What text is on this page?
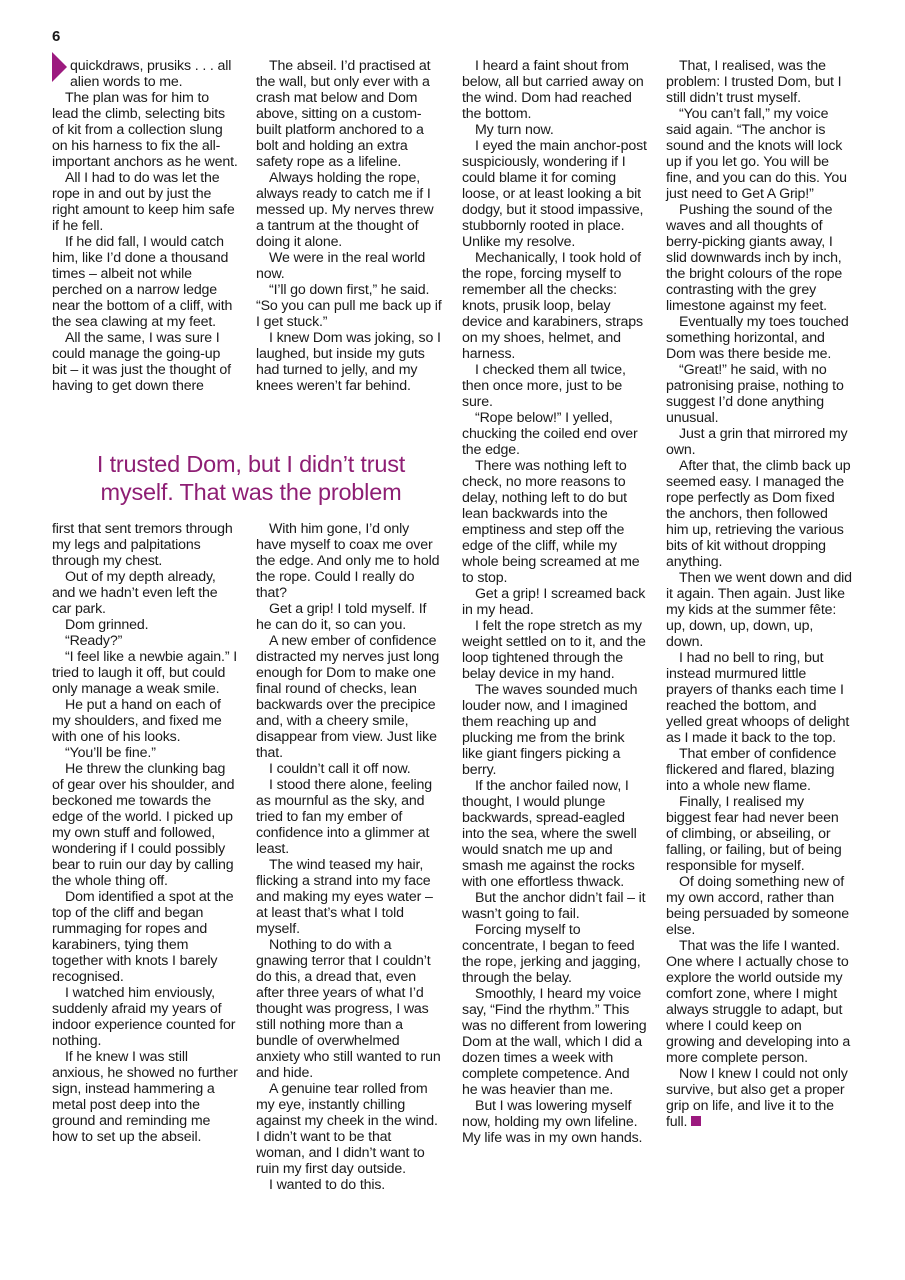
6

quickdraws, prusiks . . . all alien words to me.

The plan was for him to lead the climb, selecting bits of kit from a collection slung on his harness to fix the all-important anchors as he went.

All I had to do was let the rope in and out by just the right amount to keep him safe if he fell.

If he did fall, I would catch him, like I’d done a thousand times – albeit not while perched on a narrow ledge near the bottom of a cliff, with the sea clawing at my feet.

All the same, I was sure I could manage the going-up bit – it was just the thought of having to get down there

The abseil. I’d practised at the wall, but only ever with a crash mat below and Dom above, sitting on a custom-built platform anchored to a bolt and holding an extra safety rope as a lifeline.

Always holding the rope, always ready to catch me if I messed up. My nerves threw a tantrum at the thought of doing it alone.

We were in the real world now.

“I’ll go down first,” he said. “So you can pull me back up if I get stuck.”

I knew Dom was joking, so I laughed, but inside my guts had turned to jelly, and my knees weren’t far behind.

I trusted Dom, but I didn’t trust
myself. That was the problem

first that sent tremors through my legs and palpitations through my chest.

Out of my depth already, and we hadn’t even left the car park.

Dom grinned.

“Ready?”

“I feel like a newbie again.” I tried to laugh it off, but could only manage a weak smile.

He put a hand on each of my shoulders, and fixed me with one of his looks.

“You’ll be fine.”

He threw the clunking bag of gear over his shoulder, and beckoned me towards the edge of the world. I picked up my own stuff and followed, wondering if I could possibly bear to ruin our day by calling the whole thing off.

Dom identified a spot at the top of the cliff and began rummaging for ropes and karabiners, tying them together with knots I barely recognised.

I watched him enviously, suddenly afraid my years of indoor experience counted for nothing.

If he knew I was still anxious, he showed no further sign, instead hammering a metal post deep into the ground and reminding me how to set up the abseil.

With him gone, I’d only have myself to coax me over the edge. And only me to hold the rope. Could I really do that?

Get a grip! I told myself. If he can do it, so can you.

A new ember of confidence distracted my nerves just long enough for Dom to make one final round of checks, lean backwards over the precipice and, with a cheery smile, disappear from view. Just like that.

I couldn’t call it off now.

I stood there alone, feeling as mournful as the sky, and tried to fan my ember of confidence into a glimmer at least.

The wind teased my hair, flicking a strand into my face and making my eyes water – at least that’s what I told myself.

Nothing to do with a gnawing terror that I couldn’t do this, a dread that, even after three years of what I’d thought was progress, I was still nothing more than a bundle of overwhelmed anxiety who still wanted to run and hide.

A genuine tear rolled from my eye, instantly chilling against my cheek in the wind. I didn’t want to be that woman, and I didn’t want to ruin my first day outside.

I wanted to do this.

I heard a faint shout from below, all but carried away on the wind. Dom had reached the bottom.

My turn now.

I eyed the main anchor-post suspiciously, wondering if I could blame it for coming loose, or at least looking a bit dodgy, but it stood impassive, stubbornly rooted in place. Unlike my resolve.

Mechanically, I took hold of the rope, forcing myself to remember all the checks: knots, prusik loop, belay device and karabiners, straps on my shoes, helmet, and harness.

I checked them all twice, then once more, just to be sure.

“Rope below!” I yelled, chucking the coiled end over the edge.

There was nothing left to check, no more reasons to delay, nothing left to do but lean backwards into the emptiness and step off the edge of the cliff, while my whole being screamed at me to stop.

Get a grip! I screamed back in my head.

I felt the rope stretch as my weight settled on to it, and the loop tightened through the belay device in my hand.

The waves sounded much louder now, and I imagined them reaching up and plucking me from the brink like giant fingers picking a berry.

If the anchor failed now, I thought, I would plunge backwards, spread-eagled into the sea, where the swell would snatch me up and smash me against the rocks with one effortless thwack.

But the anchor didn’t fail – it wasn’t going to fail.

Forcing myself to concentrate, I began to feed the rope, jerking and jagging, through the belay.

Smoothly, I heard my voice say, “Find the rhythm.” This was no different from lowering Dom at the wall, which I did a dozen times a week with complete competence. And he was heavier than me.

But I was lowering myself now, holding my own lifeline. My life was in my own hands.

That, I realised, was the problem: I trusted Dom, but I still didn’t trust myself.

“You can’t fall,” my voice said again. “The anchor is sound and the knots will lock up if you let go. You will be fine, and you can do this. You just need to Get A Grip!”

Pushing the sound of the waves and all thoughts of berry-picking giants away, I slid downwards inch by inch, the bright colours of the rope contrasting with the grey limestone against my feet.

Eventually my toes touched something horizontal, and Dom was there beside me.

“Great!” he said, with no patronising praise, nothing to suggest I’d done anything unusual.

Just a grin that mirrored my own.

After that, the climb back up seemed easy. I managed the rope perfectly as Dom fixed the anchors, then followed him up, retrieving the various bits of kit without dropping anything.

Then we went down and did it again. Then again. Just like my kids at the summer fête: up, down, up, down, up, down.

I had no bell to ring, but instead murmured little prayers of thanks each time I reached the bottom, and yelled great whoops of delight as I made it back to the top.

That ember of confidence flickered and flared, blazing into a whole new flame.

Finally, I realised my biggest fear had never been of climbing, or abseiling, or falling, or failing, but of being responsible for myself.

Of doing something new of my own accord, rather than being persuaded by someone else.

That was the life I wanted. One where I actually chose to explore the world outside my comfort zone, where I might always struggle to adapt, but where I could keep on growing and developing into a more complete person.

Now I knew I could not only survive, but also get a proper grip on life, and live it to the full.
